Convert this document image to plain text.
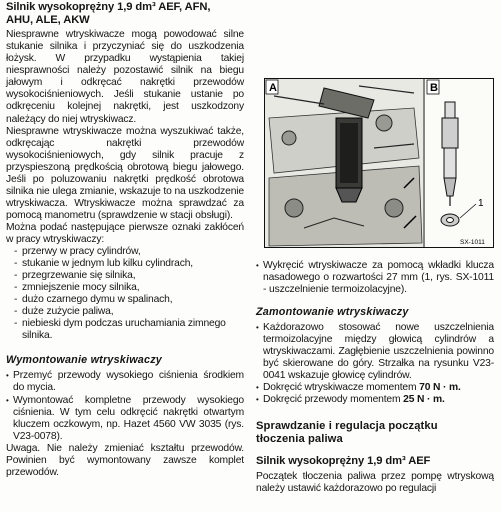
Silnik wysokoprężny 1,9 dm³ AEF, AFN,

AHU, ALE, AKW

Niesprawne wtryskiwacze mogą powodować silne stukanie silnika i przyczyniać się do uszkodzenia łożysk. W przypadku wystąpienia takiej niesprawności należy pozostawić silnik na biegu jałowym i odkręcać nakrętki przewodów wysokociśnieniowych. Jeśli stukanie ustanie po odkręceniu kolejnej nakrętki, jest uszkodzony należący do niej wtryskiwacz.

Niesprawne wtryskiwacze można wyszukiwać także, odkręcając nakrętki przewodów wysokociśnieniowych, gdy silnik pracuje z przyspieszoną prędkością obrotową biegu jałowego. Jeśli po poluzowaniu nakrętki prędkość obrotowa silnika nie ulega zmianie, wskazuje to na uszkodzenie wtryskiwacza. Wtryskiwacze można sprawdzać za pomocą manometru (sprawdzenie w stacji obsługi).

Można podać następujące pierwsze oznaki zakłóceń w pracy wtryskiwaczy:

- przerwy w pracy cylindrów,
- stukanie w jednym lub kilku cylindrach,
- przegrzewanie się silnika,
- zmniejszenie mocy silnika,
- dużo czarnego dymu w spalinach,
- duże zużycie paliwa,
- niebieski dym podczas uruchamiania zimnego silnika.

Wymontowanie wtryskiwaczy

• Przemyć przewody wysokiego ciśnienia środkiem do mycia.
• Wymontować kompletne przewody wysokiego ciśnienia. W tym celu odkręcić nakrętki otwartym kluczem oczkowym, np. Hazet 4560 VW 3035 (rys. V23-0078).

Uwaga. Nie należy zmieniać kształtu przewodów. Powinien być wymontowany zawsze komplet przewodów.

A	B
1
SX-1011
• Wykręcić wtryskiwacze za pomocą wkładki klucza nasadowego o rozwartości 27 mm (1, rys. SX-1011 - uszczelnienie termoizolacyjne).

Zamontowanie wtryskiwaczy

• Każdorazowo stosować nowe uszczelnienia termoizolacyjne między głowicą cylindrów a wtryskiwaczami. Zagłębienie uszczelnienia powinno być skierowane do góry. Strzałka na rysunku V23-0041 wskazuje głowicę cylindrów.
• Dokręcić wtryskiwacze momentem 70 N · m.
• Dokręcić przewody momentem 25 N · m.

Sprawdzanie i regulacja początku

tłoczenia paliwa

Silnik wysokoprężny 1,9 dm³ AEF

Początek tłoczenia paliwa przez pompę wtryskową należy ustawić każdorazowo po regulacji
